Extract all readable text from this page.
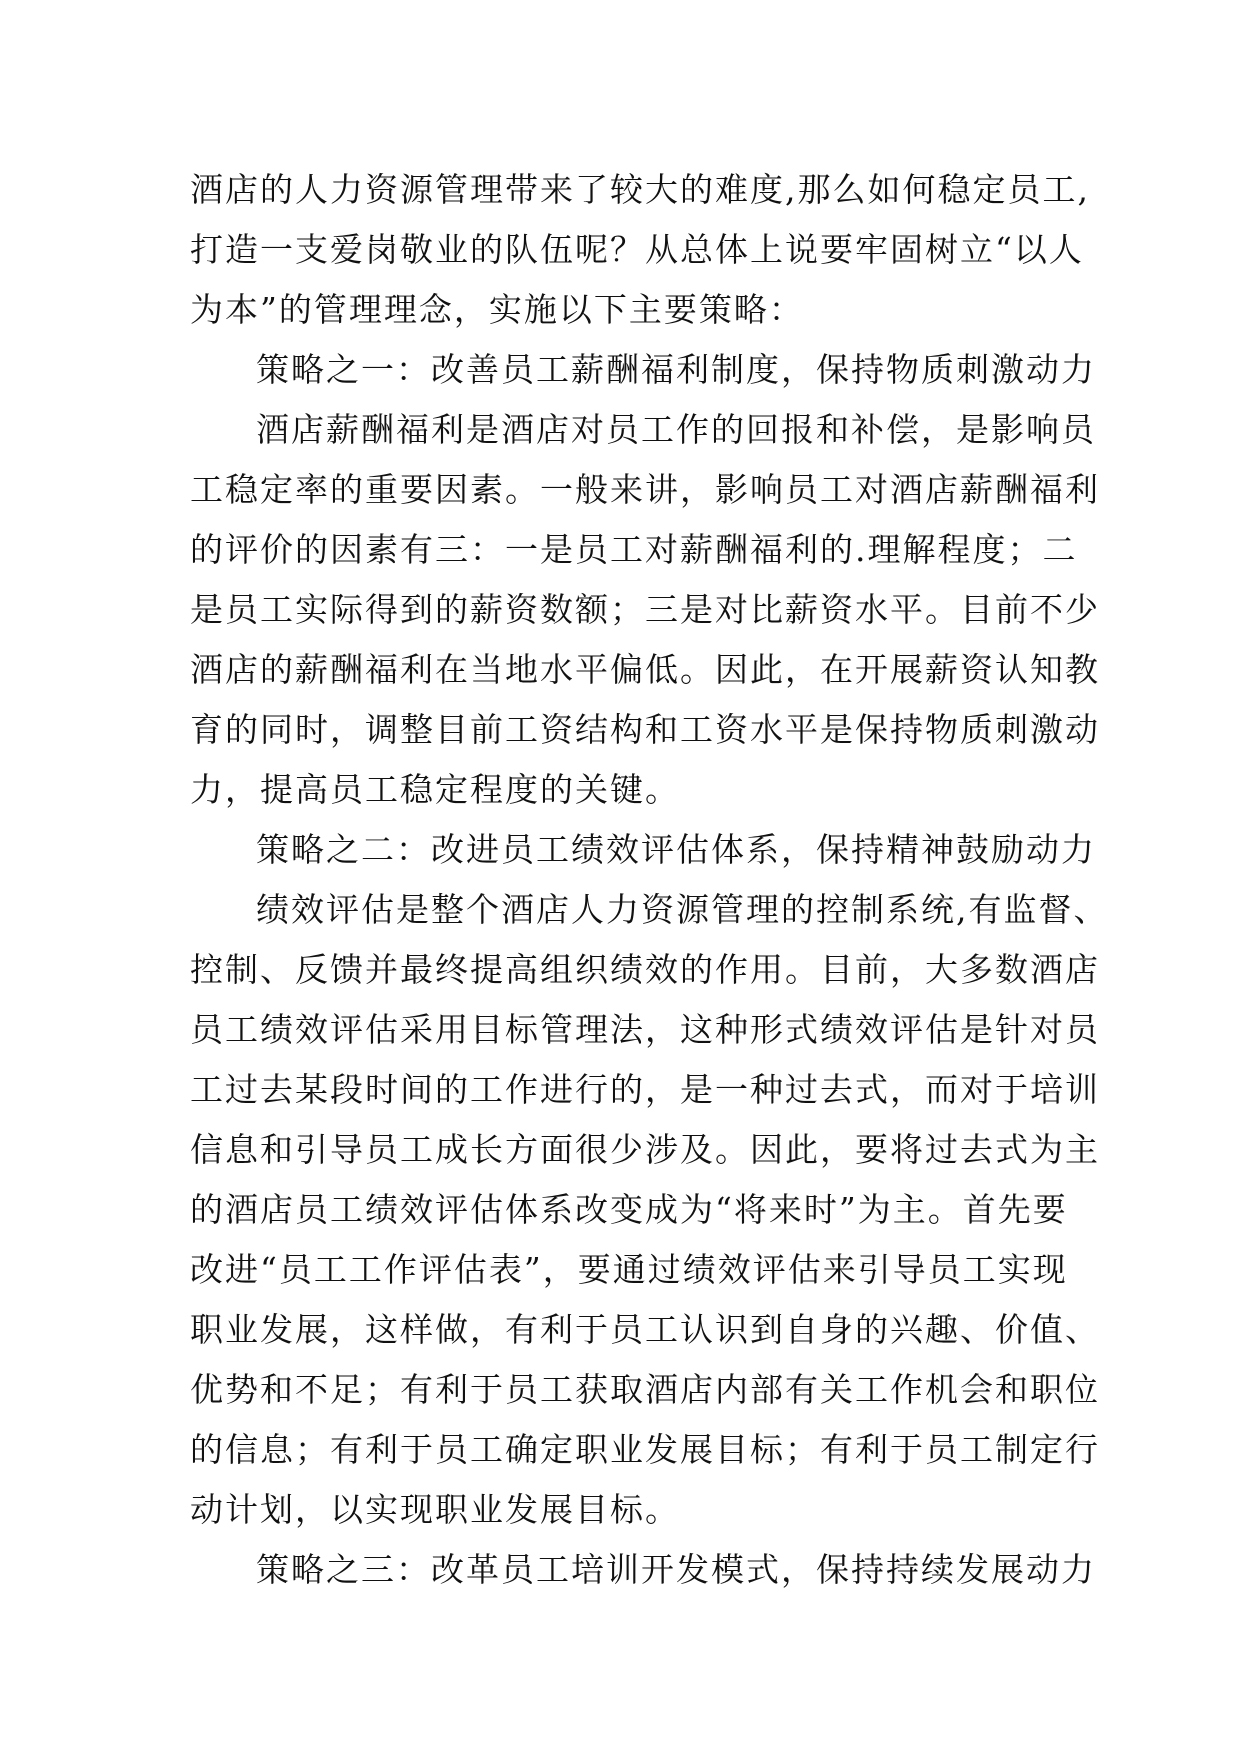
酒店的人力资源管理带来了较大的难度,那么如何稳定员工,
打造一支爱岗敬业的队伍呢？从总体上说要牢固树立“以人
为本”的管理理念，实施以下主要策略：
策略之一：改善员工薪酬福利制度，保持物质刺激动力
酒店薪酬福利是酒店对员工作的回报和补偿，是影响员
工稳定率的重要因素。一般来讲，影响员工对酒店薪酬福利
的评价的因素有三：一是员工对薪酬福利的.理解程度；二
是员工实际得到的薪资数额；三是对比薪资水平。目前不少
酒店的薪酬福利在当地水平偏低。因此，在开展薪资认知教
育的同时，调整目前工资结构和工资水平是保持物质刺激动
力，提高员工稳定程度的关键。
策略之二：改进员工绩效评估体系，保持精神鼓励动力
绩效评估是整个酒店人力资源管理的控制系统,有监督、
控制、反馈并最终提高组织绩效的作用。目前，大多数酒店
员工绩效评估采用目标管理法，这种形式绩效评估是针对员
工过去某段时间的工作进行的，是一种过去式，而对于培训
信息和引导员工成长方面很少涉及。因此，要将过去式为主
的酒店员工绩效评估体系改变成为“将来时”为主。首先要
改进“员工工作评估表”，要通过绩效评估来引导员工实现
职业发展，这样做，有利于员工认识到自身的兴趣、价值、
优势和不足；有利于员工获取酒店内部有关工作机会和职位
的信息；有利于员工确定职业发展目标；有利于员工制定行
动计划，以实现职业发展目标。
策略之三：改革员工培训开发模式，保持持续发展动力
